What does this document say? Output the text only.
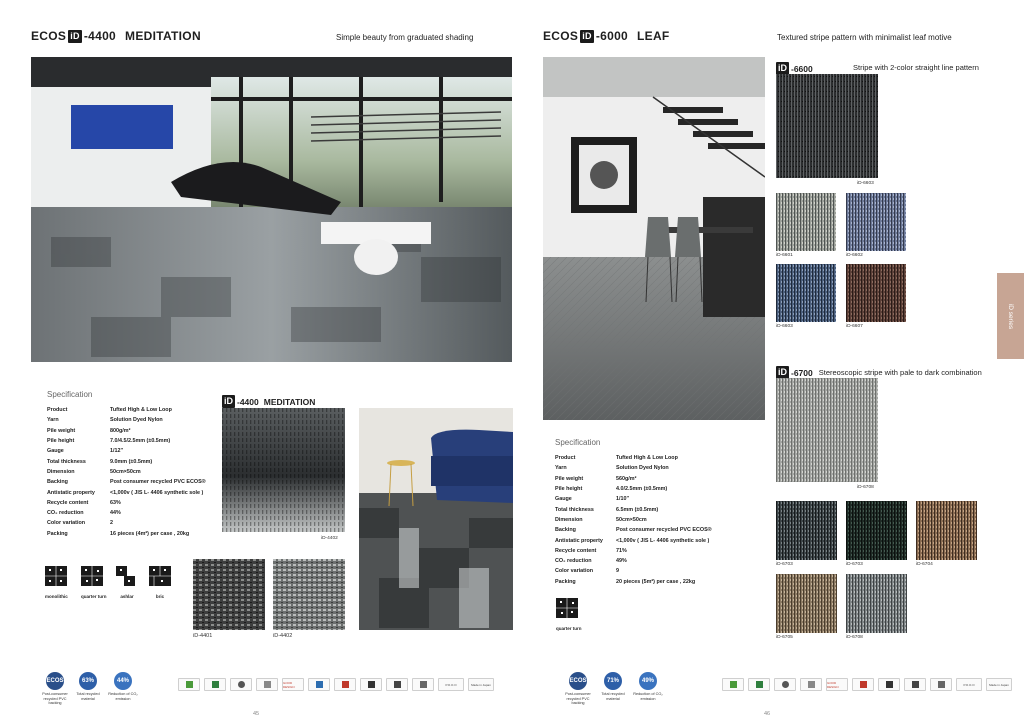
ECOS iD -4400 MEDITATION	Simple beauty from graduated shading
Specification
Product	Tufted High & Low Loop
Yarn	Solution Dyed Nylon
Pile weight	800g/m²
Pile height	7.0/4.5/2.5mm (±0.5mm)
Gauge	1/12"
Total thickness	9.0mm (±0.5mm)
Dimension	50cm×50cm
Backing	Post consumer recycled PVC ECOS®
Antistatic property	<1,000v ( JIS L- 4406 synthetic sole )
Recycle content	63%
CO₂ reduction	44%
Color variation	2
Packing	16 pieces (4m²) per case , 20kg
monolithic	quarter turn	ashlar	bric
iD -4400 MEDITATION
iD-4402
iD-4401	iD-4402
ECOS
Post-consumer recycled PVC backing
63%
Total recycled material
44%
Reduction of CO₂ emission
GOOD DESIGN	P.O.O.O	Made in Japan
45
ECOS iD -6000 LEAF	Textured stripe pattern with minimalist leaf motive
Specification
Product	Tufted High & Low Loop
Yarn	Solution Dyed Nylon
Pile weight	560g/m²
Pile height	4.0/2.5mm (±0.5mm)
Gauge	1/10"
Total thickness	6.5mm (±0.5mm)
Dimension	50cm×50cm
Backing	Post consumer recycled PVC ECOS®
Antistatic property	<1,000v ( JIS L- 4406 synthetic sole )
Recycle content	71%
CO₂ reduction	49%
Color variation	9
Packing	20 pieces (5m²) per case , 22kg
quarter turn
iD -6600	Stripe with 2-color straight line pattern
iD-6603
iD-6601	iD-6602
iD-6603	iD-6607
iD -6700 Stereoscopic stripe with pale to dark combination
iD-6708
iD-6703	iD-6703	iD-6704
iD-6705	iD-6708
iD series
ECOS
Post-consumer recycled PVC backing
71%
Total recycled material
49%
Reduction of CO₂ emission
GOOD DESIGN	P.O.O.O	Made in Japan
46
